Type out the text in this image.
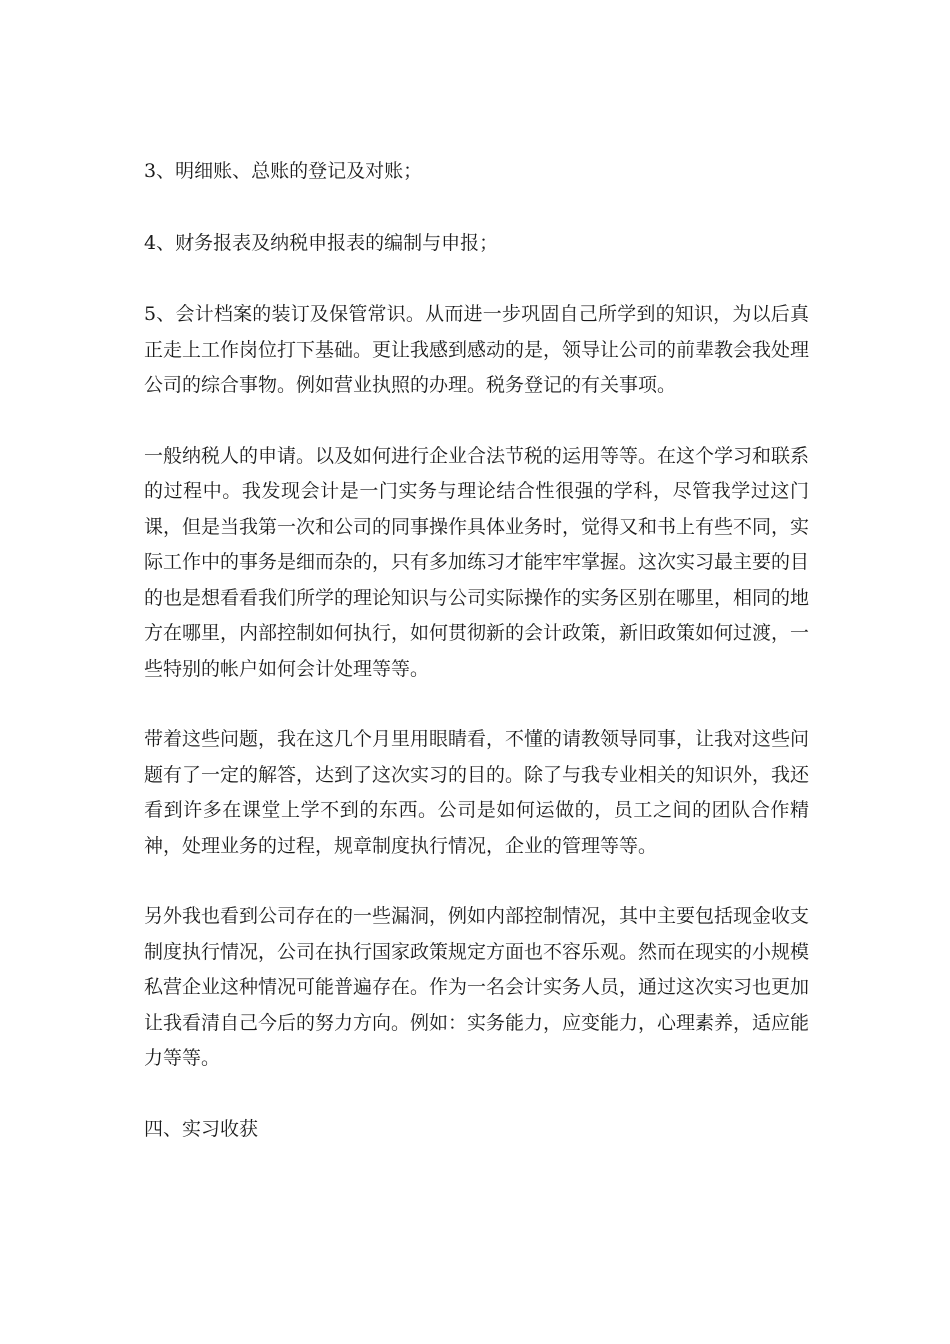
3、明细账、总账的登记及对账；

4、财务报表及纳税申报表的编制与申报；

5、会计档案的装订及保管常识。从而进一步巩固自己所学到的知识，为以后真正走上工作岗位打下基础。更让我感到感动的是，领导让公司的前辈教会我处理公司的综合事物。例如营业执照的办理。税务登记的有关事项。

一般纳税人的申请。以及如何进行企业合法节税的运用等等。在这个学习和联系的过程中。我发现会计是一门实务与理论结合性很强的学科，尽管我学过这门课，但是当我第一次和公司的同事操作具体业务时，觉得又和书上有些不同，实际工作中的事务是细而杂的，只有多加练习才能牢牢掌握。这次实习最主要的目的也是想看看我们所学的理论知识与公司实际操作的实务区别在哪里，相同的地方在哪里，内部控制如何执行，如何贯彻新的会计政策，新旧政策如何过渡，一些特别的帐户如何会计处理等等。

带着这些问题，我在这几个月里用眼睛看，不懂的请教领导同事，让我对这些问题有了一定的解答，达到了这次实习的目的。除了与我专业相关的知识外，我还看到许多在课堂上学不到的东西。公司是如何运做的，员工之间的团队合作精神，处理业务的过程，规章制度执行情况，企业的管理等等。

另外我也看到公司存在的一些漏洞，例如内部控制情况，其中主要包括现金收支制度执行情况，公司在执行国家政策规定方面也不容乐观。然而在现实的小规模私营企业这种情况可能普遍存在。作为一名会计实务人员，通过这次实习也更加让我看清自己今后的努力方向。例如：实务能力，应变能力，心理素养，适应能力等等。

四、实习收获
